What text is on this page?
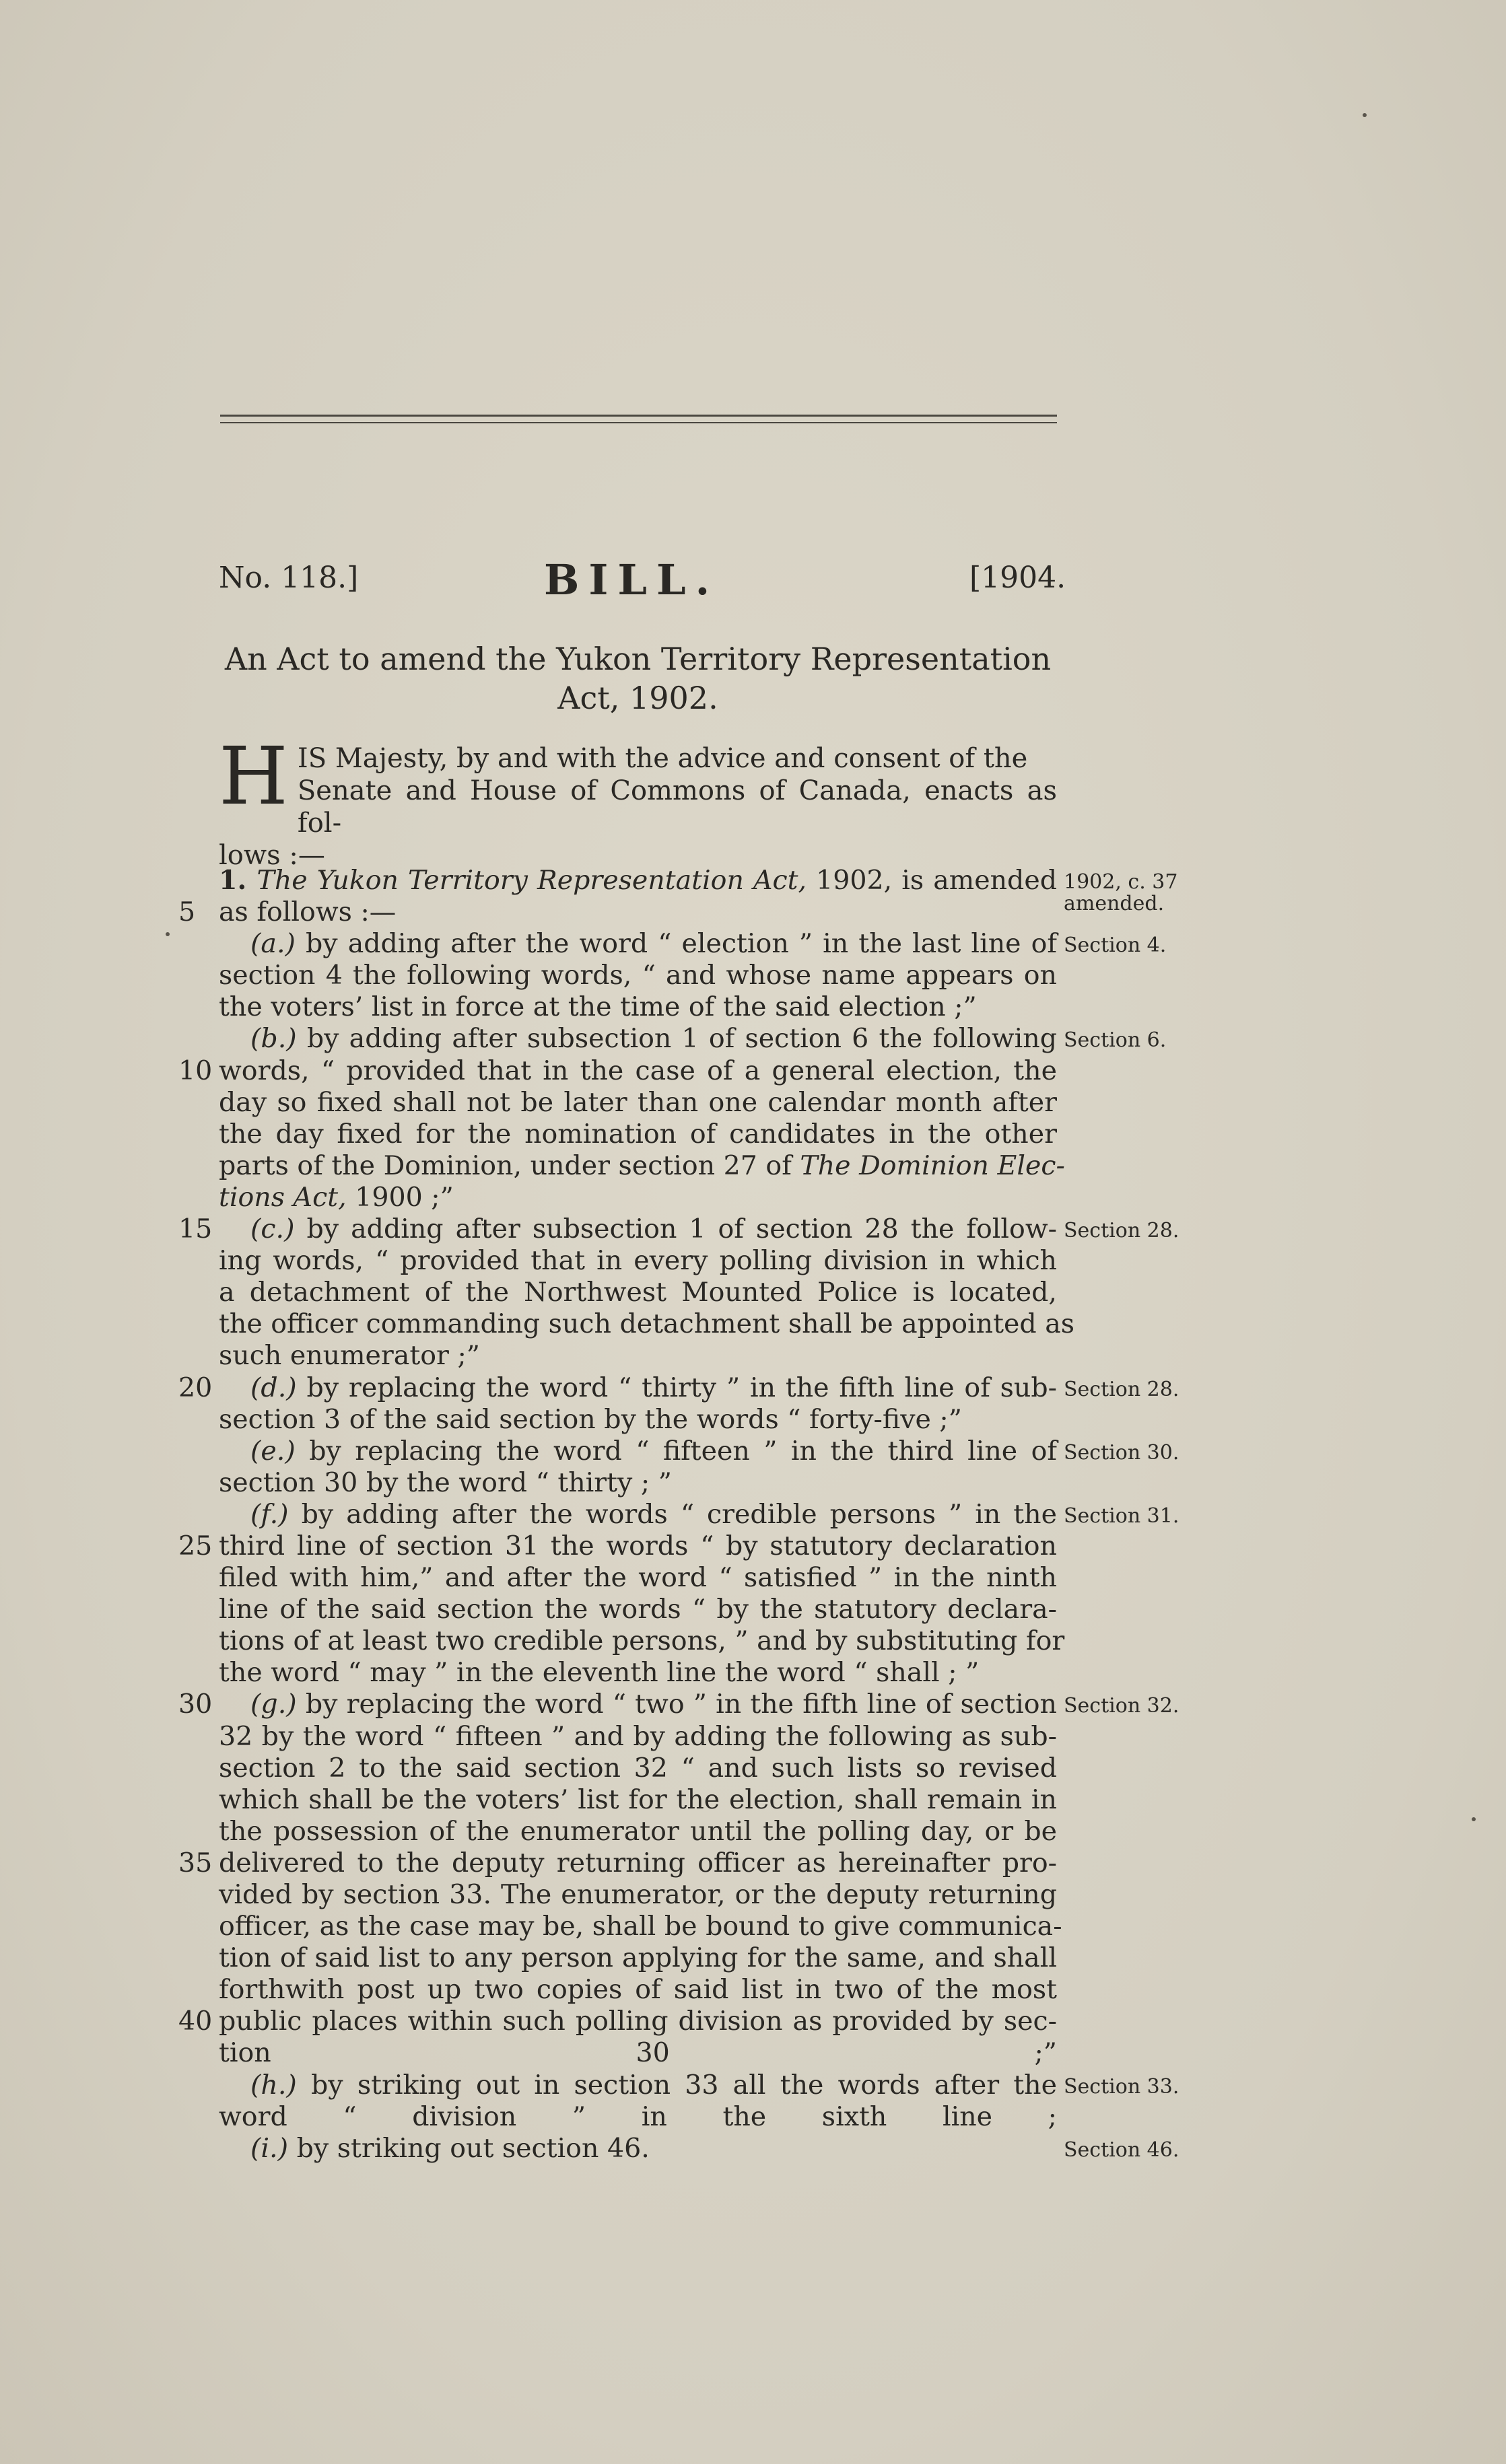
No. 118.]	BILL.	[1904.
An Act to amend the Yukon Territory Representation
Act, 1902.
H IS Majesty, by and with the advice and consent of the
Senate and House of Commons of Canada, enacts as fol-
lows :—
1. The Yukon Territory Representation Act, 1902, is amended 1902, c. 37
amended.
5 as follows :—
(a.) by adding after the word “ election ” in the last line of Section 4.
section 4 the following words, “ and whose name appears on
the voters’ list in force at the time of the said election ;”
(b.) by adding after subsection 1 of section 6 the following Section 6.
10 words, “ provided that in the case of a general election, the
day so fixed shall not be later than one calendar month after
the day fixed for the nomination of candidates in the other
parts of the Dominion, under section 27 of The Dominion Elec-
tions Act, 1900 ;”
15 (c.) by adding after subsection 1 of section 28 the follow- Section 28.
ing words, “ provided that in every polling division in which
a detachment of the Northwest Mounted Police is located,
the officer commanding such detachment shall be appointed as
such enumerator ;”
20 (d.) by replacing the word “ thirty ” in the fifth line of sub- Section 28.
section 3 of the said section by the words “ forty-five ;”
(e.) by replacing the word “ fifteen ” in the third line of Section 30.
section 30 by the word “ thirty ; ”
(f.) by adding after the words “ credible persons ” in the Section 31.
25 third line of section 31 the words “ by statutory declaration
filed with him,” and after the word “ satisfied ” in the ninth
line of the said section the words “ by the statutory declara-
tions of at least two credible persons, ” and by substituting for
the word “ may ” in the eleventh line the word “ shall ; ”
30 (g.) by replacing the word “ two ” in the fifth line of section Section 32.
32 by the word “ fifteen ” and by adding the following as sub-
section 2 to the said section 32 “ and such lists so revised
which shall be the voters’ list for the election, shall remain in
the possession of the enumerator until the polling day, or be
35 delivered to the deputy returning officer as hereinafter pro-
vided by section 33. The enumerator, or the deputy returning
officer, as the case may be, shall be bound to give communica-
tion of said list to any person applying for the same, and shall
forthwith post up two copies of said list in two of the most
40 public places within such polling division as provided by sec-
tion 30 ;”
(h.) by striking out in section 33 all the words after the Section 33.
word “ division ” in the sixth line ;
(i.) by striking out section 46.	Section 46.
